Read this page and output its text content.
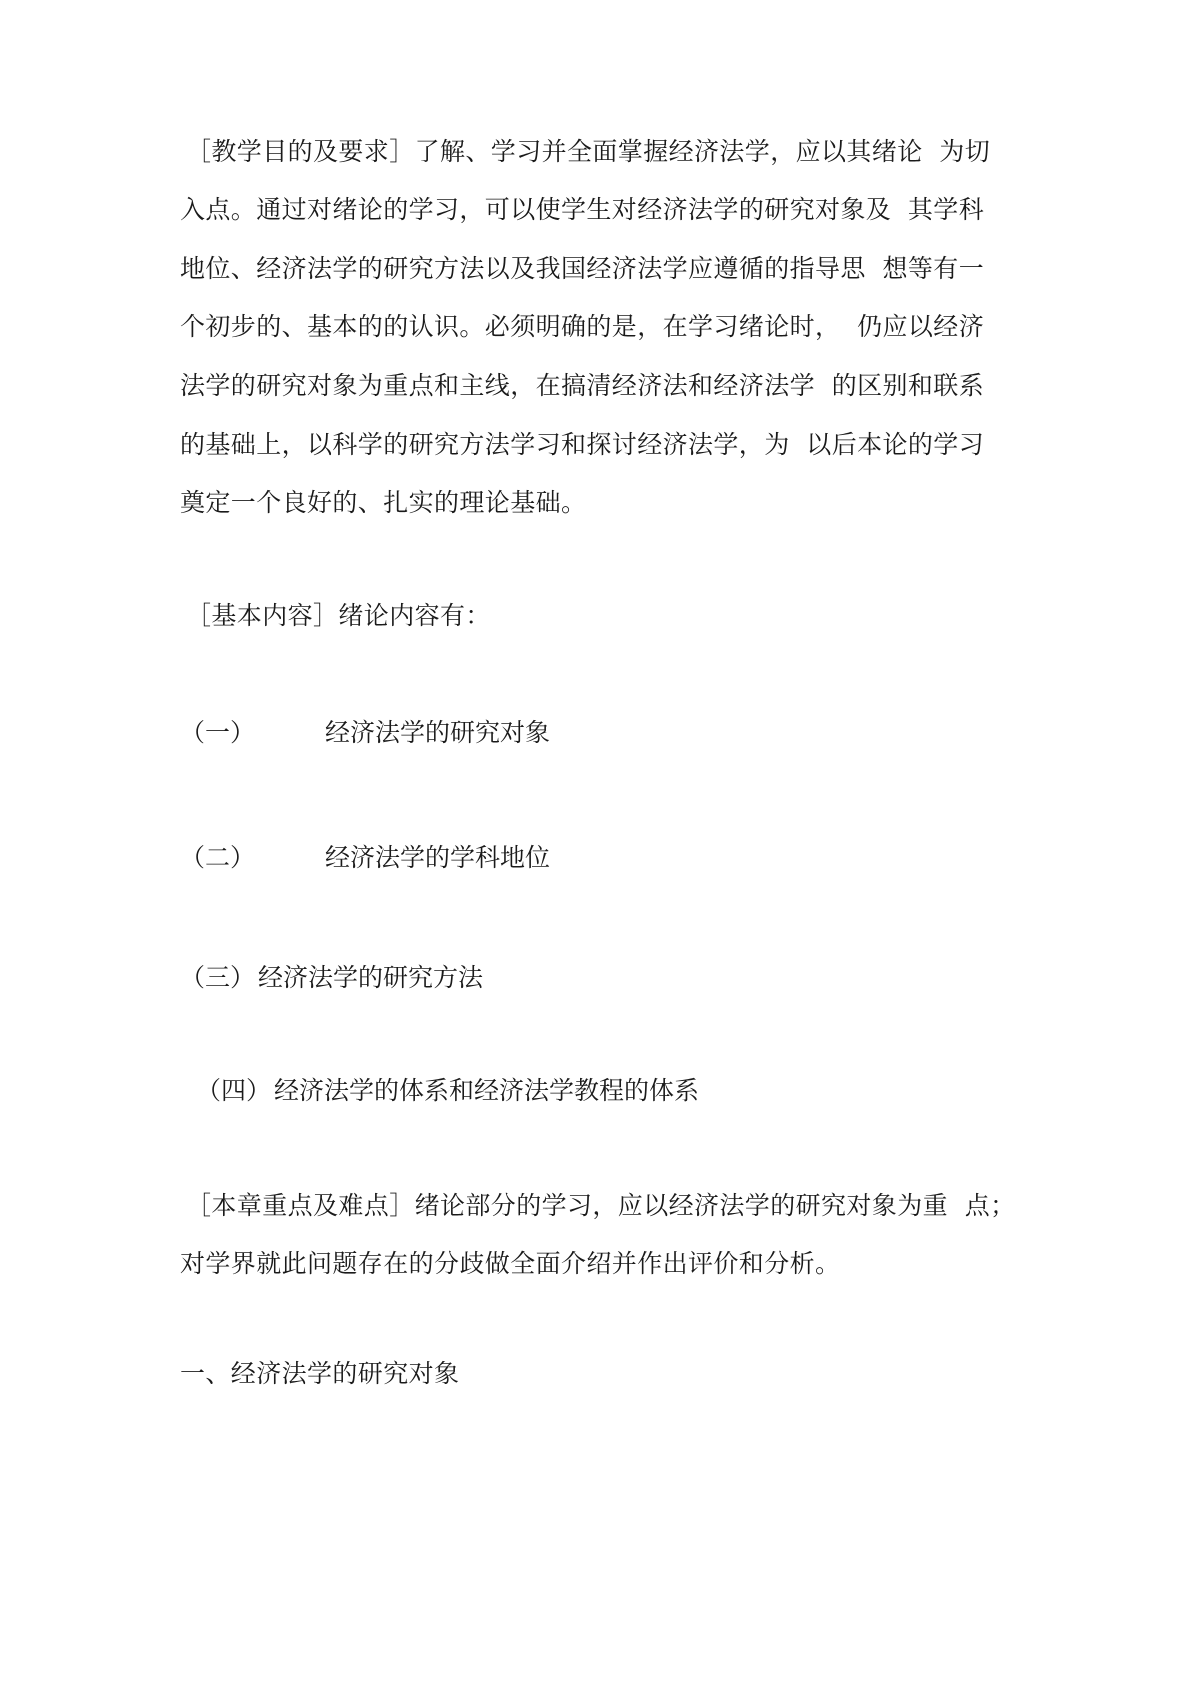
［教学目的及要求］了解、学习并全面掌握经济法学，应以其绪论  为切

入点。通过对绪论的学习，可以使学生对经济法学的研究对象及  其学科

地位、经济法学的研究方法以及我国经济法学应遵循的指导思  想等有一

个初步的、基本的的认识。必须明确的是，在学习绪论时，  仍应以经济

法学的研究对象为重点和主线，在搞清经济法和经济法学  的区别和联系

的基础上，以科学的研究方法学习和探讨经济法学，为  以后本论的学习

奠定一个良好的、扎实的理论基础。

［基本内容］绪论内容有：

（一）	经济法学的研究对象
（二）	经济法学的学科地位
（三） 经济法学的研究方法
（四） 经济法学的体系和经济法学教程的体系

［本章重点及难点］绪论部分的学习，应以经济法学的研究对象为重  点；

对学界就此问题存在的分歧做全面介绍并作出评价和分析。

一、经济法学的研究对象
